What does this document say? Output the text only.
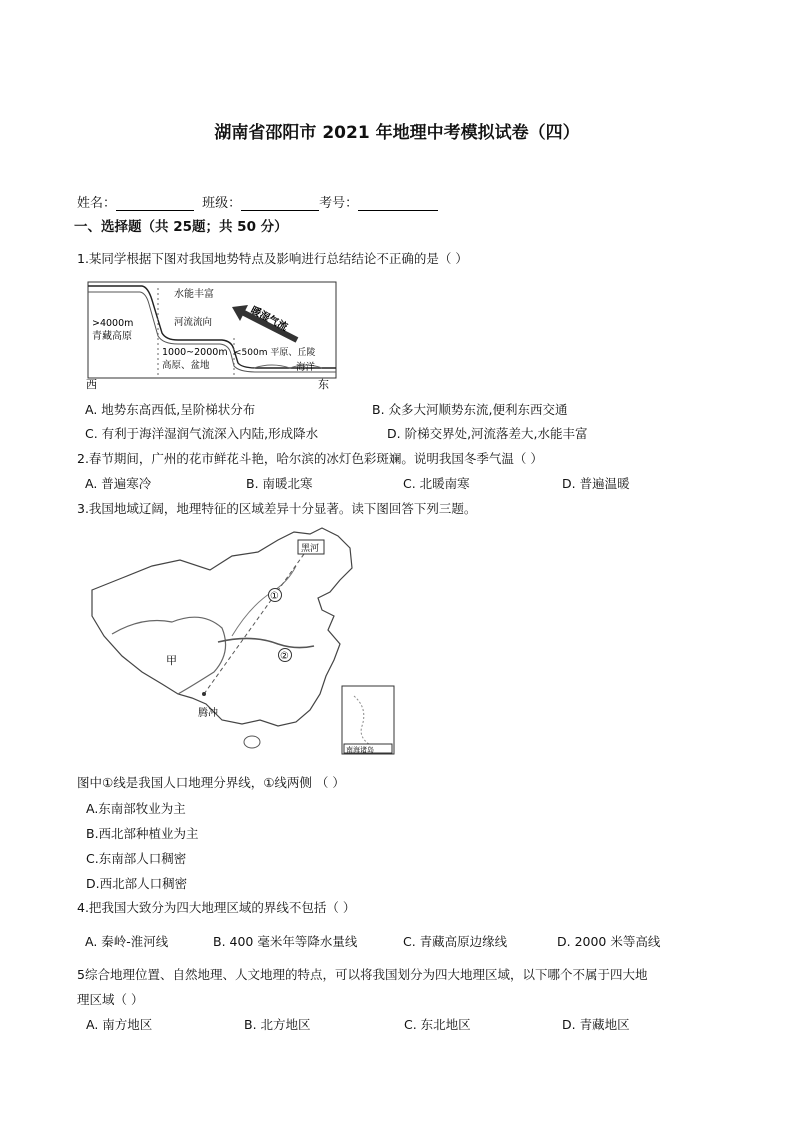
湖南省邵阳市 2021 年地理中考模拟试卷（四）
姓名：	班级：	考号：
一、选择题（共 25题；共 50 分）
1.某同学根据下图对我国地势特点及影响进行总结结论不正确的是（ ）
水能丰富
河流流向	暖湿气流
>4000m
青藏高原
1000~2000m
高原、盆地
<500m 平原、丘陵
海洋
西	东
A. 地势东高西低,呈阶梯状分布	B. 众多大河顺势东流,便利东西交通
C. 有利于海洋湿润气流深入内陆,形成降水	D. 阶梯交界处,河流落差大,水能丰富
2.春节期间，广州的花市鲜花斗艳，哈尔滨的冰灯色彩斑斓。说明我国冬季气温（ ）
A. 普遍寒冷	B. 南暖北寒	C. 北暖南寒	D. 普遍温暖
3.我国地域辽阔，地理特征的区域差异十分显著。读下图回答下列三题。
南海诸岛
黑河
①
②
甲
腾冲
图中①线是我国人口地理分界线，①线两侧 （ ）
A.东南部牧业为主
B.西北部种植业为主
C.东南部人口稠密
D.西北部人口稠密
4.把我国大致分为四大地理区域的界线不包括（ ）
A. 秦岭-淮河线	B. 400 毫米年等降水量线	C. 青藏高原边缘线	D. 2000 米等高线
5综合地理位置、自然地理、人文地理的特点，可以将我国划分为四大地理区域，以下哪个不属于四大地
理区域（ ）
A. 南方地区	B. 北方地区	C. 东北地区	D. 青藏地区
